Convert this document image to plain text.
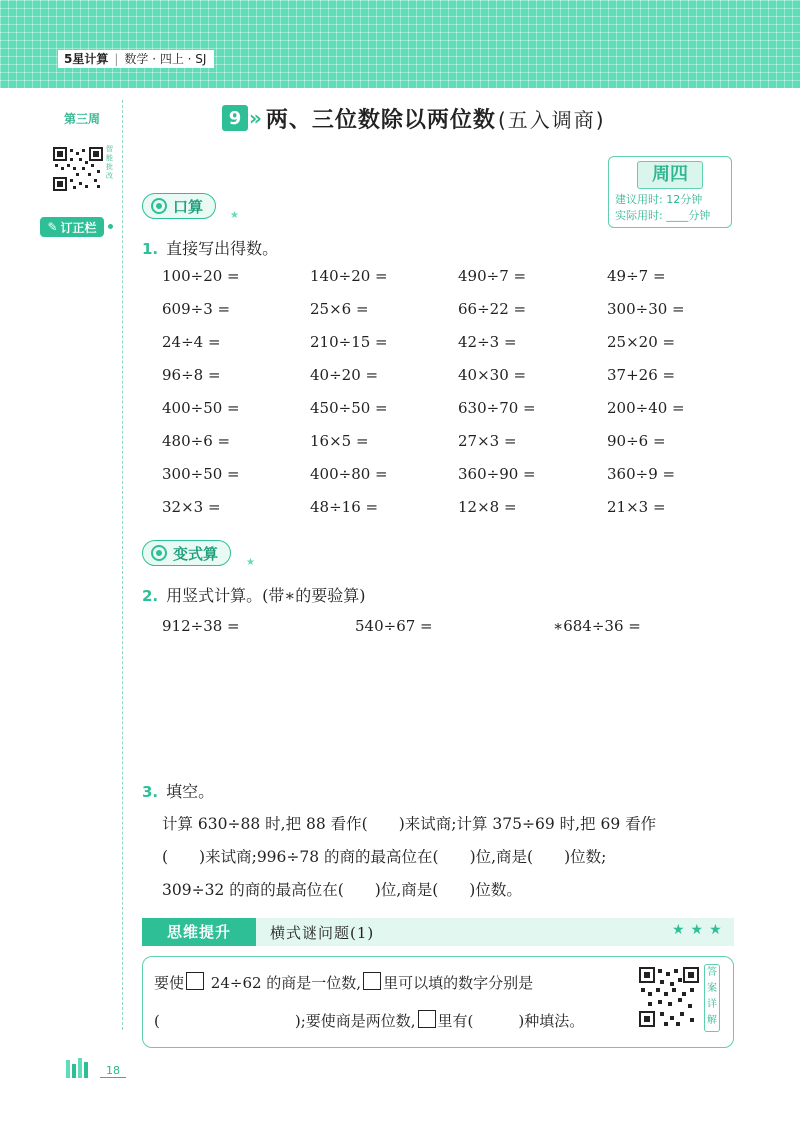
5星计算 | 数学 · 四上 · SJ
第三周
智能批改
✎ 订正栏
9 » 两、三位数除以两位数 (五入调商)
周四
建议用时: 12分钟
实际用时: ____分钟
口算	★
1. 直接写出得数。
100÷20 =	140÷20 =	490÷7 =	49÷7 =
609÷3 =	25×6 =	66÷22 =	300÷30 =
24÷4 =	210÷15 =	42÷3 =	25×20 =
96÷8 =	40÷20 =	40×30 =	37+26 =
400÷50 =	450÷50 =	630÷70 =	200÷40 =
480÷6 =	16×5 =	27×3 =	90÷6 =
300÷50 =	400÷80 =	360÷90 =	360÷9 =
32×3 =	48÷16 =	12×8 =	21×3 =
变式算	★
2. 用竖式计算。(带∗的要验算)
912÷38 =	540÷67 =	∗684÷36 =
3. 填空。
计算 630÷88 时,把 88 看作(　　)来试商;计算 375÷69 时,把 69 看作
(　　)来试商;996÷78 的商的最高位在(　　)位,商是(　　)位数;
309÷32 的商的最高位在(　　)位,商是(　　)位数。
思维提升	横式谜问题(1)	★★★
要使 24÷62 的商是一位数, 里可以填的数字分别是
(　　　　　　　　　);要使商是两位数, 里有(　　　)种填法。
答案详解
18
